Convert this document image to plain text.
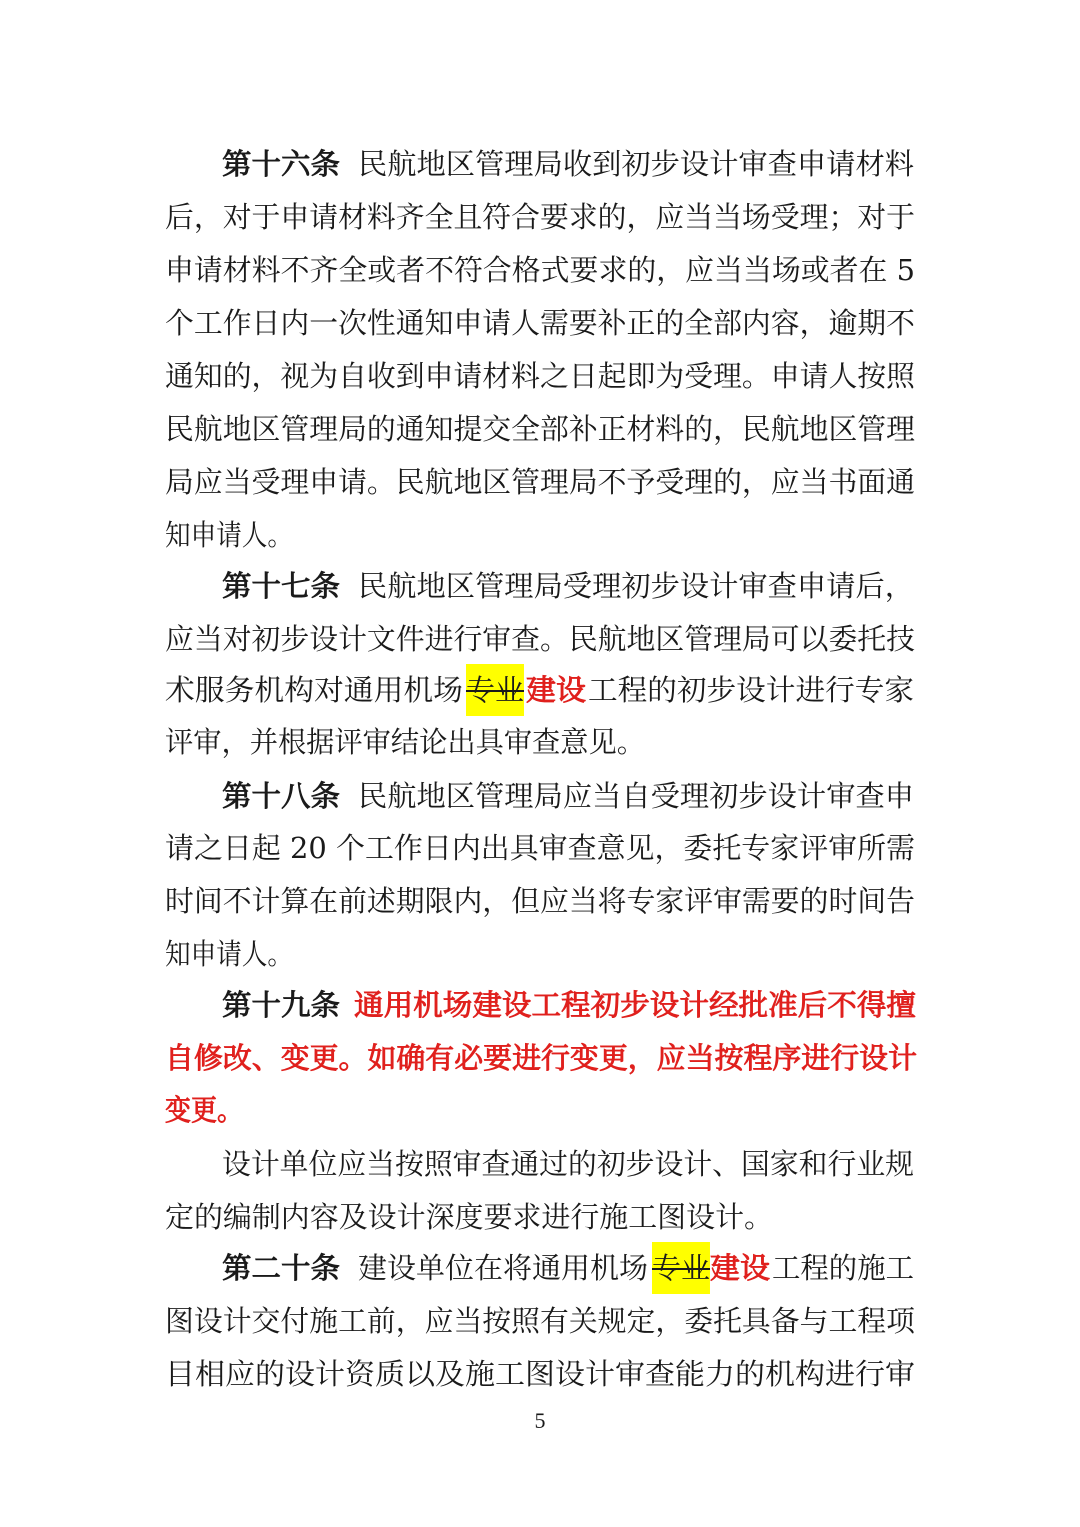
第十六条 民航地区管理局收到初步设计审查申请材料
后，对于申请材料齐全且符合要求的，应当当场受理；对于
申请材料不齐全或者不符合格式要求的，应当当场或者在 5
个工作日内一次性通知申请人需要补正的全部内容，逾期不
通知的，视为自收到申请材料之日起即为受理。申请人按照
民航地区管理局的通知提交全部补正材料的，民航地区管理
局应当受理申请。民航地区管理局不予受理的，应当书面通
知申请人。
第十七条 民航地区管理局受理初步设计审查申请后，
应当对初步设计文件进行审查。民航地区管理局可以委托技
术服务机构对通用机场 专业 建设 工程的初步设计进行专家
评审，并根据评审结论出具审查意见。
第十八条 民航地区管理局应当自受理初步设计审查申
请之日起 20 个工作日内出具审查意见，委托专家评审所需
时间不计算在前述期限内，但应当将专家评审需要的时间告
知申请人。
第十九条 通用机场建设工程初步设计经批准后不得擅
自修改、变更。如确有必要进行变更，应当按程序进行设计
变更。
设计单位应当按照审查通过的初步设计、国家和行业规
定的编制内容及设计深度要求进行施工图设计。
第二十条 建设单位在将通用机场 专业 建设 工程的施工
图设计交付施工前，应当按照有关规定，委托具备与工程项
目相应的设计资质以及施工图设计审查能力的机构进行审
5
